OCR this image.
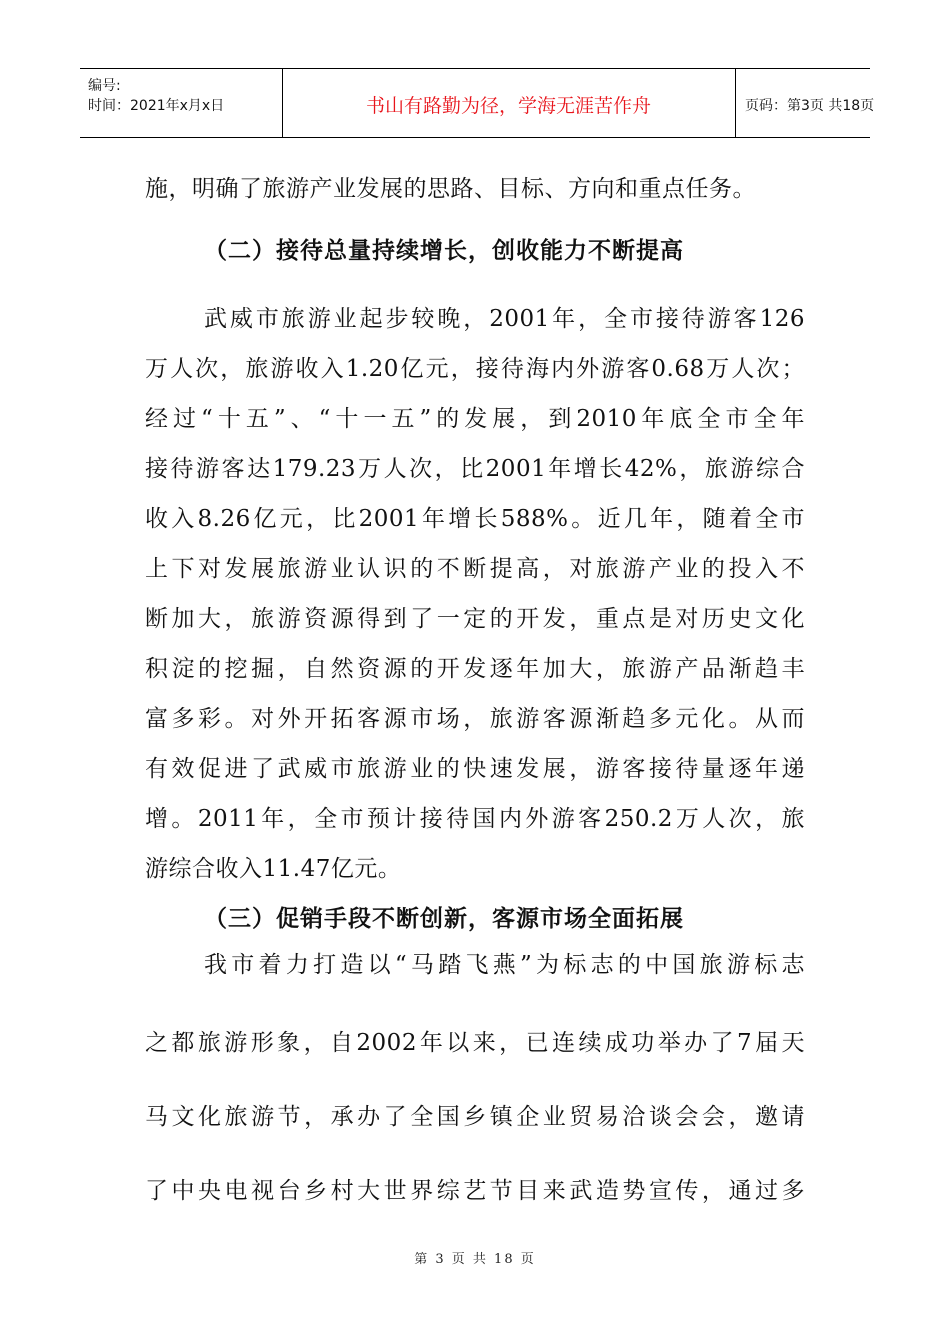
编号:
时间：2021年x月x日	书山有路勤为径，学海无涯苦作舟	页码：第3页 共18页
施，明确了旅游产业发展的思路、目标、方向和重点任务。
（二）接待总量持续增长，创收能力不断提高
武威市旅游业起步较晚，2001年，全市接待游客126
万人次，旅游收入1.20亿元，接待海内外游客0.68万人次；
经过“十五”、“十一五”的发展，到2010年底全市全年
接待游客达179.23万人次，比2001年增长42%，旅游综合
收入8.26亿元，比2001年增长588%。近几年，随着全市
上下对发展旅游业认识的不断提高，对旅游产业的投入不
断加大，旅游资源得到了一定的开发，重点是对历史文化
积淀的挖掘，自然资源的开发逐年加大，旅游产品渐趋丰
富多彩。对外开拓客源市场，旅游客源渐趋多元化。从而
有效促进了武威市旅游业的快速发展，游客接待量逐年递
增。2011年，全市预计接待国内外游客250.2万人次，旅
游综合收入11.47亿元。
（三）促销手段不断创新，客源市场全面拓展
我市着力打造以“马踏飞燕”为标志的中国旅游标志
之都旅游形象，自2002年以来，已连续成功举办了7届天
马文化旅游节，承办了全国乡镇企业贸易洽谈会会，邀请
了中央电视台乡村大世界综艺节目来武造势宣传，通过多
第 3 页 共 18 页
